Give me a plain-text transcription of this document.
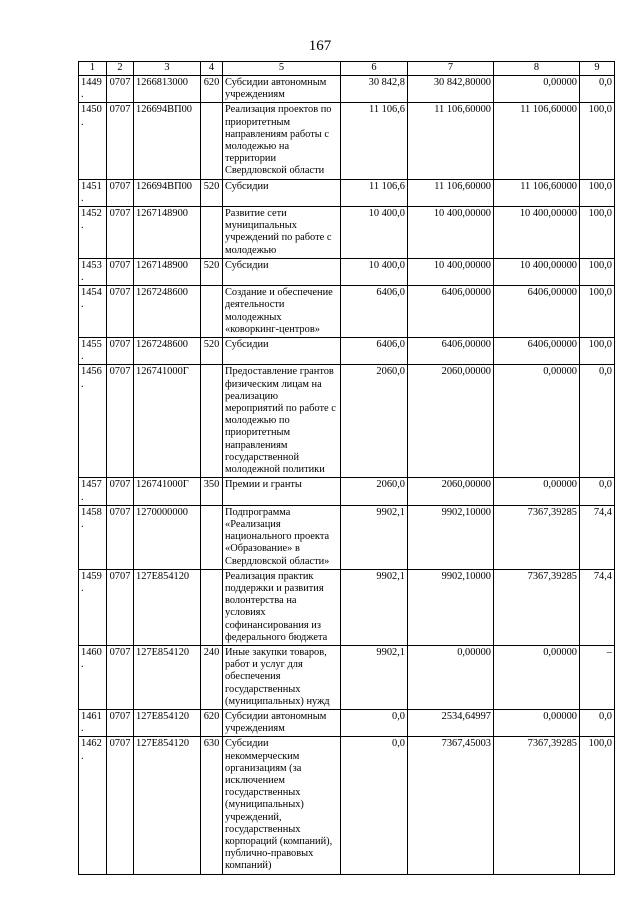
167
1	2	3	4	5	6	7	8	9
1449.	0707	1266813000	620	Субсидии автономным учреждениям	30 842,8	30 842,80000	0,00000	0,0
1450.	0707	126694ВП00		Реализация проектов по приоритетным направлениям работы с молодежью на территории Свердловской области	11 106,6	11 106,60000	11 106,60000	100,0
1451.	0707	126694ВП00	520	Субсидии	11 106,6	11 106,60000	11 106,60000	100,0
1452.	0707	1267148900		Развитие сети муниципальных учреждений по работе с молодежью	10 400,0	10 400,00000	10 400,00000	100,0
1453.	0707	1267148900	520	Субсидии	10 400,0	10 400,00000	10 400,00000	100,0
1454.	0707	1267248600		Создание и обеспечение деятельности молодежных «коворкинг-центров»	6406,0	6406,00000	6406,00000	100,0
1455.	0707	1267248600	520	Субсидии	6406,0	6406,00000	6406,00000	100,0
1456.	0707	126741000Г		Предоставление грантов физическим лицам на реализацию мероприятий по работе с молодежью по приоритетным направлениям государственной молодежной политики	2060,0	2060,00000	0,00000	0,0
1457.	0707	126741000Г	350	Премии и гранты	2060,0	2060,00000	0,00000	0,0
1458.	0707	1270000000		Подпрограмма «Реализация национального проекта «Образование» в Свердловской области»	9902,1	9902,10000	7367,39285	74,4
1459.	0707	127E854120		Реализация практик поддержки и развития волонтерства на условиях софинансирования из федерального бюджета	9902,1	9902,10000	7367,39285	74,4
1460.	0707	127E854120	240	Иные закупки товаров, работ и услуг для обеспечения государственных (муниципальных) нужд	9902,1	0,00000	0,00000	–
1461.	0707	127E854120	620	Субсидии автономным учреждениям	0,0	2534,64997	0,00000	0,0
1462.	0707	127E854120	630	Субсидии некоммерческим организациям (за исключением государственных (муниципальных) учреждений, государственных корпораций (компаний), публично-правовых компаний)	0,0	7367,45003	7367,39285	100,0
